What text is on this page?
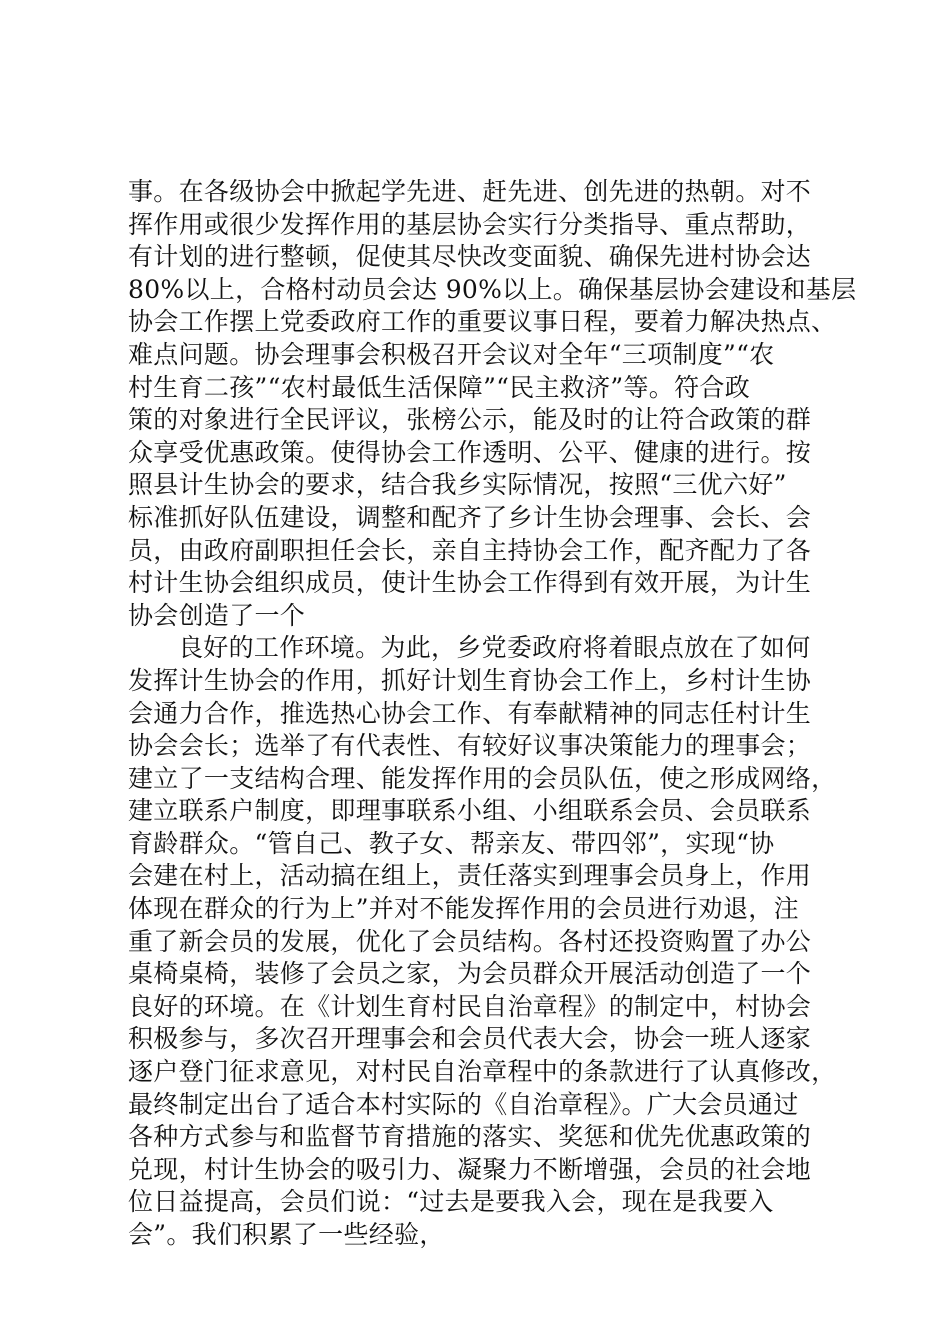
事。在各级协会中掀起学先进、赶先进、创先进的热朝。对不
挥作用或很少发挥作用的基层协会实行分类指导、重点帮助，
有计划的进行整顿，促使其尽快改变面貌、确保先进村协会达
80%以上，合格村动员会达 90%以上。确保基层协会建设和基层
协会工作摆上党委政府工作的重要议事日程，要着力解决热点、
难点问题。协会理事会积极召开会议对全年“三项制度”“农
村生育二孩”“农村最低生活保障”“民主救济”等。符合政
策的对象进行全民评议，张榜公示，能及时的让符合政策的群
众享受优惠政策。使得协会工作透明、公平、健康的进行。按
照县计生协会的要求，结合我乡实际情况，按照“三优六好”
标准抓好队伍建设，调整和配齐了乡计生协会理事、会长、会
员，由政府副职担任会长，亲自主持协会工作，配齐配力了各
村计生协会组织成员，使计生协会工作得到有效开展，为计生
协会创造了一个
良好的工作环境。为此，乡党委政府将着眼点放在了如何
发挥计生协会的作用，抓好计划生育协会工作上，乡村计生协
会通力合作，推选热心协会工作、有奉献精神的同志任村计生
协会会长；选举了有代表性、有较好议事决策能力的理事会；
建立了一支结构合理、能发挥作用的会员队伍，使之形成网络，
建立联系户制度，即理事联系小组、小组联系会员、会员联系
育龄群众。“管自己、教子女、帮亲友、带四邻”，实现“协
会建在村上，活动搞在组上，责任落实到理事会员身上，作用
体现在群众的行为上”并对不能发挥作用的会员进行劝退，注
重了新会员的发展，优化了会员结构。各村还投资购置了办公
桌椅桌椅，装修了会员之家，为会员群众开展活动创造了一个
良好的环境。在《计划生育村民自治章程》的制定中，村协会
积极参与，多次召开理事会和会员代表大会，协会一班人逐家
逐户登门征求意见，对村民自治章程中的条款进行了认真修改，
最终制定出台了适合本村实际的《自治章程》。广大会员通过
各种方式参与和监督节育措施的落实、奖惩和优先优惠政策的
兑现，村计生协会的吸引力、凝聚力不断增强，会员的社会地
位日益提高，会员们说：“过去是要我入会，现在是我要入
会”。我们积累了一些经验，
